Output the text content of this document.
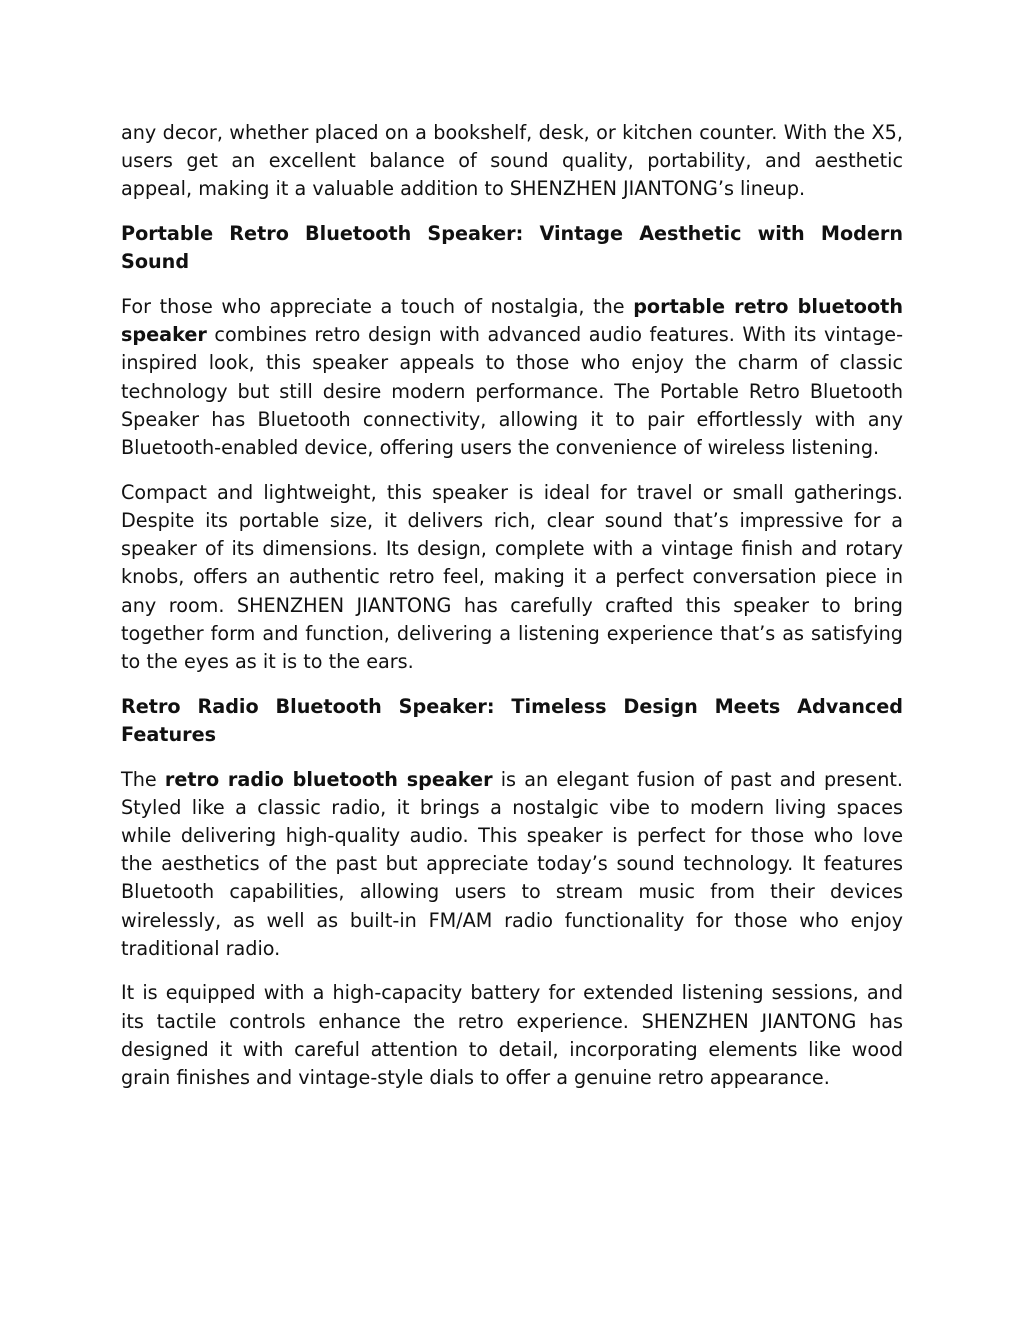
any decor, whether placed on a bookshelf, desk, or kitchen counter. With the X5, users get an excellent balance of sound quality, portability, and aesthetic appeal, making it a valuable addition to SHENZHEN JIANTONG’s lineup.

Portable Retro Bluetooth Speaker: Vintage Aesthetic with Modern Sound

For those who appreciate a touch of nostalgia, the portable retro bluetooth speaker combines retro design with advanced audio features. With its vintage-inspired look, this speaker appeals to those who enjoy the charm of classic technology but still desire modern performance. The Portable Retro Bluetooth Speaker has Bluetooth connectivity, allowing it to pair effortlessly with any Bluetooth-enabled device, offering users the convenience of wireless listening.

Compact and lightweight, this speaker is ideal for travel or small gatherings. Despite its portable size, it delivers rich, clear sound that’s impressive for a speaker of its dimensions. Its design, complete with a vintage finish and rotary knobs, offers an authentic retro feel, making it a perfect conversation piece in any room. SHENZHEN JIANTONG has carefully crafted this speaker to bring together form and function, delivering a listening experience that’s as satisfying to the eyes as it is to the ears.

Retro Radio Bluetooth Speaker: Timeless Design Meets Advanced Features

The retro radio bluetooth speaker is an elegant fusion of past and present. Styled like a classic radio, it brings a nostalgic vibe to modern living spaces while delivering high-quality audio. This speaker is perfect for those who love the aesthetics of the past but appreciate today’s sound technology. It features Bluetooth capabilities, allowing users to stream music from their devices wirelessly, as well as built-in FM/AM radio functionality for those who enjoy traditional radio.

It is equipped with a high-capacity battery for extended listening sessions, and its tactile controls enhance the retro experience. SHENZHEN JIANTONG has designed it with careful attention to detail, incorporating elements like wood grain finishes and vintage-style dials to offer a genuine retro appearance.
